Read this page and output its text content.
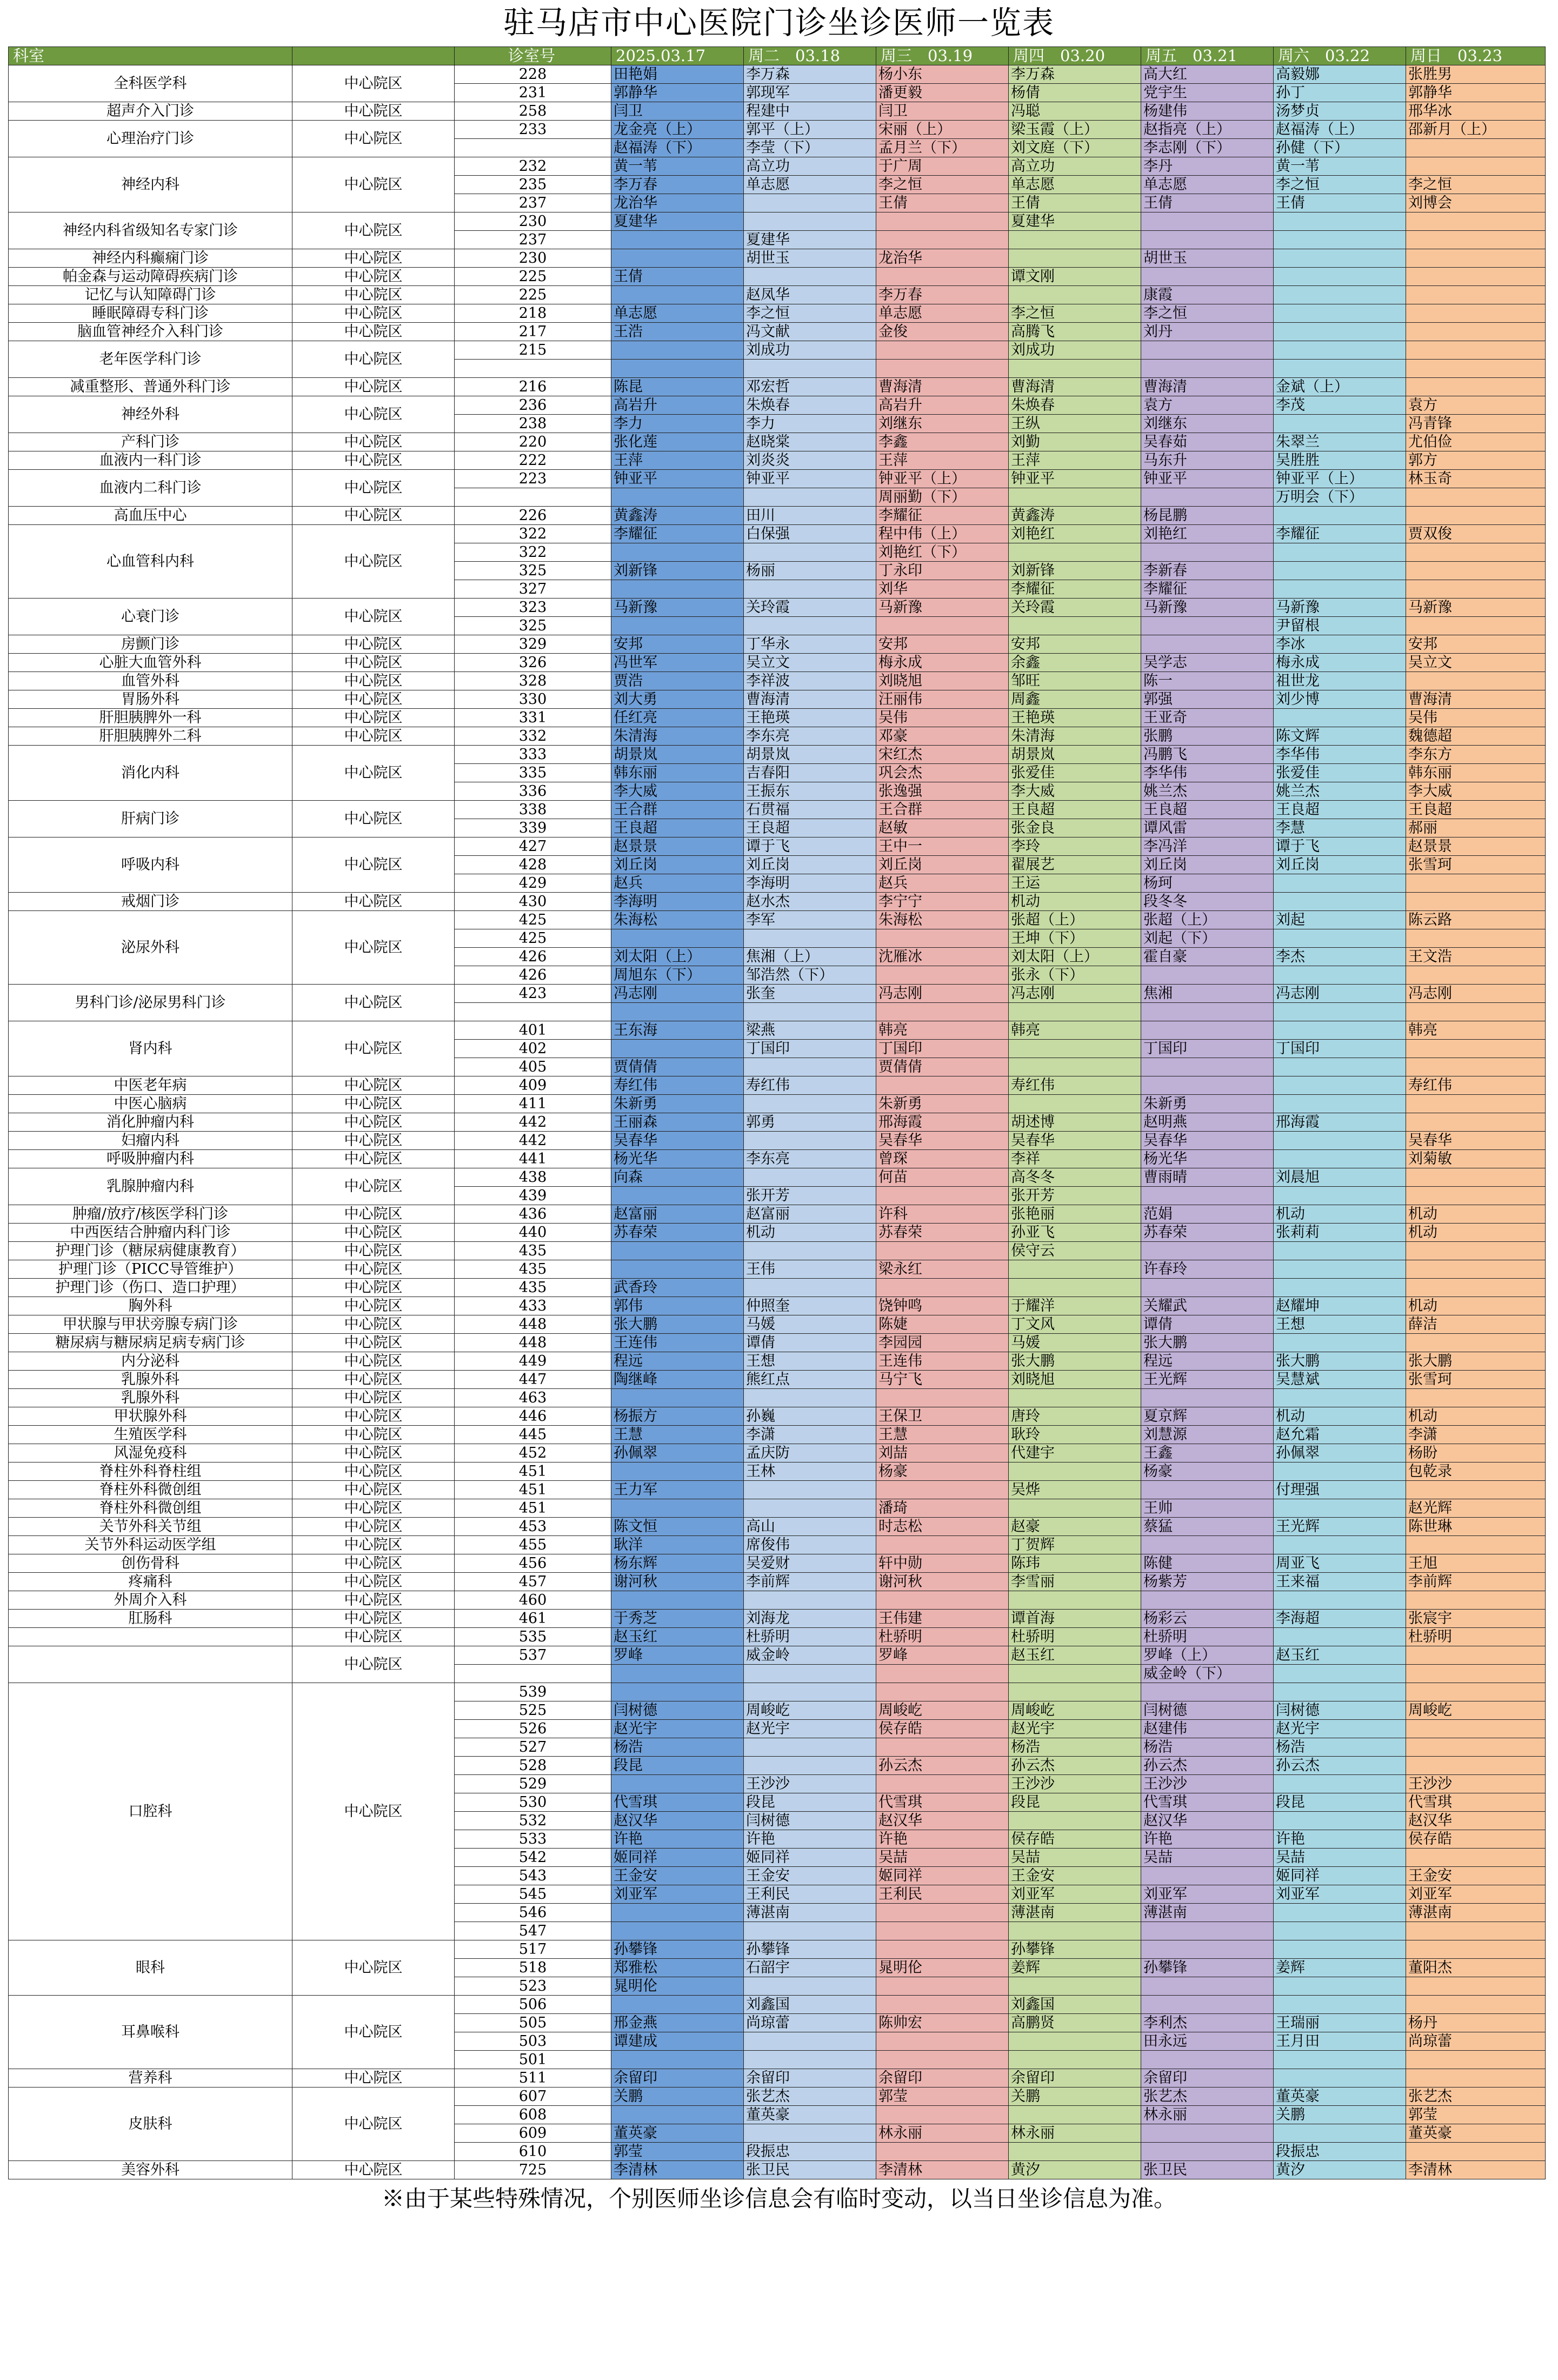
驻马店市中心医院门诊坐诊医师一览表
科室		诊室号	2025.03.17	周二　03.18	周三　03.19	周四　03.20	周五　03.21	周六　03.22	周日　03.23
全科医学科	中心院区	228	田艳娟	李万森	杨小东	李万森	高大红	高毅娜	张胜男
		231	郭静华	郭现军	潘更毅	杨倩	党宇生	孙丁	郭静华
超声介入门诊	中心院区	258	闫卫	程建中	闫卫	冯聪	杨建伟	汤梦贞	邢华冰
心理治疗门诊	中心院区	233	龙金亮（上）	郭平（上）	宋丽（上）	梁玉霞（上）	赵指亮（上）	赵福涛（上）	邵新月（上）
			赵福涛（下）	李莹（下）	孟月兰（下）	刘文庭（下）	李志刚（下）	孙健（下）	
神经内科	中心院区	232	黄一苇	高立功	于广周	高立功	李丹	黄一苇	
		235	李万春	单志愿	李之恒	单志愿	单志愿	李之恒	李之恒
		237	龙治华		王倩	王倩	王倩	王倩	刘博会
神经内科省级知名专家门诊	中心院区	230	夏建华			夏建华			
		237		夏建华					
神经内科癫痫门诊	中心院区	230		胡世玉	龙治华		胡世玉		
帕金森与运动障碍疾病门诊	中心院区	225	王倩			谭文刚			
记忆与认知障碍门诊	中心院区	225		赵凤华	李万春		康霞		
睡眠障碍专科门诊	中心院区	218	单志愿	李之恒	单志愿	李之恒	李之恒		
脑血管神经介入科门诊	中心院区	217	王浩	冯文献	金俊	高腾飞	刘丹		
老年医学科门诊	中心院区	215		刘成功		刘成功			

减重整形、普通外科门诊	中心院区	216	陈昆	邓宏哲	曹海清	曹海清	曹海清	金斌（上）	
神经外科	中心院区	236	高岩升	朱焕春	高岩升	朱焕春	袁方	李茂	袁方
		238	李力	李力	刘继东	王纵	刘继东		冯青锋
产科门诊	中心院区	220	张化莲	赵晓棠	李鑫	刘勤	吴春茹	朱翠兰	尤伯俭
血液内一科门诊	中心院区	222	王萍	刘炎炎	王萍	王萍	马东升	吴胜胜	郭方
血液内二科门诊	中心院区	223	钟亚平	钟亚平	钟亚平（上）	钟亚平	钟亚平	钟亚平（上）	林玉奇
					周丽勤（下）			万明会（下）	
高血压中心	中心院区	226	黄鑫涛	田川	李耀征	黄鑫涛	杨昆鹏		
心血管科内科	中心院区	322	李耀征	白保强	程中伟（上）	刘艳红	刘艳红	李耀征	贾双俊
		322			刘艳红（下）				
		325	刘新锋	杨丽	丁永印	刘新锋	李新春		
		327			刘华	李耀征	李耀征		
心衰门诊	中心院区	323	马新豫	关玲霞	马新豫	关玲霞	马新豫	马新豫	马新豫
		325						尹留根	
房颤门诊	中心院区	329	安邦	丁华永	安邦	安邦		李冰	安邦
心脏大血管外科	中心院区	326	冯世军	吴立文	梅永成	余鑫	吴学志	梅永成	吴立文
血管外科	中心院区	328	贾浩	李祥波	刘晓旭	邹旺	陈一	祖世龙	
胃肠外科	中心院区	330	刘大勇	曹海清	汪丽伟	周鑫	郭强	刘少博	曹海清
肝胆胰脾外一科	中心院区	331	任红亮	王艳瑛	吴伟	王艳瑛	王亚奇		吴伟
肝胆胰脾外二科	中心院区	332	朱清海	李东亮	邓豪	朱清海	张鹏	陈文辉	魏德超
消化内科	中心院区	333	胡景岚	胡景岚	宋红杰	胡景岚	冯鹏飞	李华伟	李东方
		335	韩东丽	吉春阳	巩会杰	张爱佳	李华伟	张爱佳	韩东丽
		336	李大威	王振东	张逸强	李大威	姚兰杰	姚兰杰	李大威
肝病门诊	中心院区	338	王合群	石贯福	王合群	王良超	王良超	王良超	王良超
		339	王良超	王良超	赵敏	张金良	谭风雷	李慧	郝丽
呼吸内科	中心院区	427	赵景景	谭于飞	王中一	李玲	李冯洋	谭于飞	赵景景
		428	刘丘岗	刘丘岗	刘丘岗	翟展艺	刘丘岗	刘丘岗	张雪珂
		429	赵兵	李海明	赵兵	王运	杨珂		
戒烟门诊	中心院区	430	李海明	赵水杰	李宁宁	机动	段冬冬		
泌尿外科	中心院区	425	朱海松	李军	朱海松	张超（上）	张超（上）	刘起	陈云路
		425				王坤（下）	刘起（下）		
		426	刘太阳（上）	焦湘（上）	沈雁冰	刘太阳（上）	霍自豪	李杰	王文浩
		426	周旭东（下）	邹浩然（下）		张永（下）			
男科门诊/泌尿男科门诊	中心院区	423	冯志刚	张奎	冯志刚	冯志刚	焦湘	冯志刚	冯志刚

肾内科	中心院区	401	王东海	梁燕	韩亮	韩亮			韩亮
		402		丁国印	丁国印		丁国印	丁国印	
		405	贾倩倩		贾倩倩				
中医老年病	中心院区	409	寿红伟	寿红伟		寿红伟			寿红伟
中医心脑病	中心院区	411	朱新勇		朱新勇		朱新勇		
消化肿瘤内科	中心院区	442	王丽森	郭勇	邢海霞	胡述博	赵明燕	邢海霞	
妇瘤内科	中心院区	442	吴春华		吴春华	吴春华	吴春华		吴春华
呼吸肿瘤内科	中心院区	441	杨光华	李东亮	曾琛	李祥	杨光华		刘菊敏
乳腺肿瘤内科	中心院区	438	向森		何苗	高冬冬	曹雨晴	刘晨旭	
		439		张开芳		张开芳			
肿瘤/放疗/核医学科门诊	中心院区	436	赵富丽	赵富丽	许科	张艳丽	范娟	机动	机动
中西医结合肿瘤内科门诊	中心院区	440	苏春荣	机动	苏春荣	孙亚飞	苏春荣	张莉莉	机动
护理门诊（糖尿病健康教育）	中心院区	435				侯守云			
护理门诊（PICC导管维护）	中心院区	435		王伟	梁永红		许春玲		
护理门诊（伤口、造口护理）	中心院区	435	武香玲						
胸外科	中心院区	433	郭伟	仲照奎	饶钟鸣	于耀洋	关耀武	赵耀坤	机动
甲状腺与甲状旁腺专病门诊	中心院区	448	张大鹏	马媛	陈婕	丁文风	谭倩	王想	薛洁
糖尿病与糖尿病足病专病门诊	中心院区	448	王连伟	谭倩	李园园	马媛	张大鹏		
内分泌科	中心院区	449	程远	王想	王连伟	张大鹏	程远	张大鹏	张大鹏
乳腺外科	中心院区	447	陶继峰	熊红点	马宁飞	刘晓旭	王光辉	吴慧斌	张雪珂
乳腺外科	中心院区	463							
甲状腺外科	中心院区	446	杨振方	孙巍	王保卫	唐玲	夏京辉	机动	机动
生殖医学科	中心院区	445	王慧	李潇	王慧	耿玲	刘慧源	赵允霜	李潇
风湿免疫科	中心院区	452	孙佩翠	孟庆防	刘喆	代建宇	王鑫	孙佩翠	杨盼
脊柱外科脊柱组	中心院区	451		王林	杨豪		杨豪		包乾录
脊柱外科微创组	中心院区	451	王力军			吴烨		付理强	
脊柱外科微创组	中心院区	451			潘琦		王帅		赵光辉
关节外科关节组	中心院区	453	陈文恒	高山	时志松	赵豪	蔡猛	王光辉	陈世琳
关节外科运动医学组	中心院区	455	耿洋	席俊伟		丁贺辉			
创伤骨科	中心院区	456	杨东辉	吴爱财	轩中勋	陈玮	陈健	周亚飞	王旭
疼痛科	中心院区	457	谢河秋	李前辉	谢河秋	李雪丽	杨紫芳	王来福	李前辉
外周介入科	中心院区	460							
肛肠科	中心院区	461	于秀芝	刘海龙	王伟建	谭首海	杨彩云	李海超	张宸宇
	中心院区	535	赵玉红	杜骄明	杜骄明	杜骄明	杜骄明		杜骄明
	中心院区	537	罗峰	威金岭	罗峰	赵玉红	罗峰（上）	赵玉红	
							威金岭（下）		
口腔科	中心院区	539							
		525	闫树德	周峻屹	周峻屹	周峻屹	闫树德	闫树德	周峻屹
		526	赵光宇	赵光宇	侯存皓	赵光宇	赵建伟	赵光宇	
		527	杨浩			杨浩	杨浩	杨浩	
		528	段昆		孙云杰	孙云杰	孙云杰	孙云杰	
		529		王沙沙		王沙沙	王沙沙		王沙沙
		530	代雪琪	段昆	代雪琪	段昆	代雪琪	段昆	代雪琪
		532	赵汉华	闫树德	赵汉华		赵汉华		赵汉华
		533	许艳	许艳	许艳	侯存皓	许艳	许艳	侯存皓
		542	姬同祥	姬同祥	吴喆	吴喆	吴喆	吴喆	
		543	王金安	王金安	姬同祥	王金安		姬同祥	王金安
		545	刘亚军	王利民	王利民	刘亚军	刘亚军	刘亚军	刘亚军
		546		薄湛南		薄湛南	薄湛南		薄湛南
		547							
眼科	中心院区	517	孙攀锋	孙攀锋		孙攀锋			
		518	郑雅松	石韶宇	晁明伦	姜辉	孙攀锋	姜辉	董阳杰
		523	晁明伦						
耳鼻喉科	中心院区	506		刘鑫国		刘鑫国			
		505	邢金燕	尚琼蕾	陈帅宏	高鹏贤	李利杰	王瑞丽	杨丹
		503	谭建成				田永远	王月田	尚琼蕾
		501							
营养科	中心院区	511	余留印	余留印	余留印	余留印	余留印		
皮肤科	中心院区	607	关鹏	张艺杰	郭莹	关鹏	张艺杰	董英豪	张艺杰
		608		董英豪			林永丽	关鹏	郭莹
		609	董英豪		林永丽	林永丽			董英豪
		610	郭莹	段振忠				段振忠	
美容外科	中心院区	725	李清林	张卫民	李清林	黄汐	张卫民	黄汐	李清林
※由于某些特殊情况，个别医师坐诊信息会有临时变动，以当日坐诊信息为准。
